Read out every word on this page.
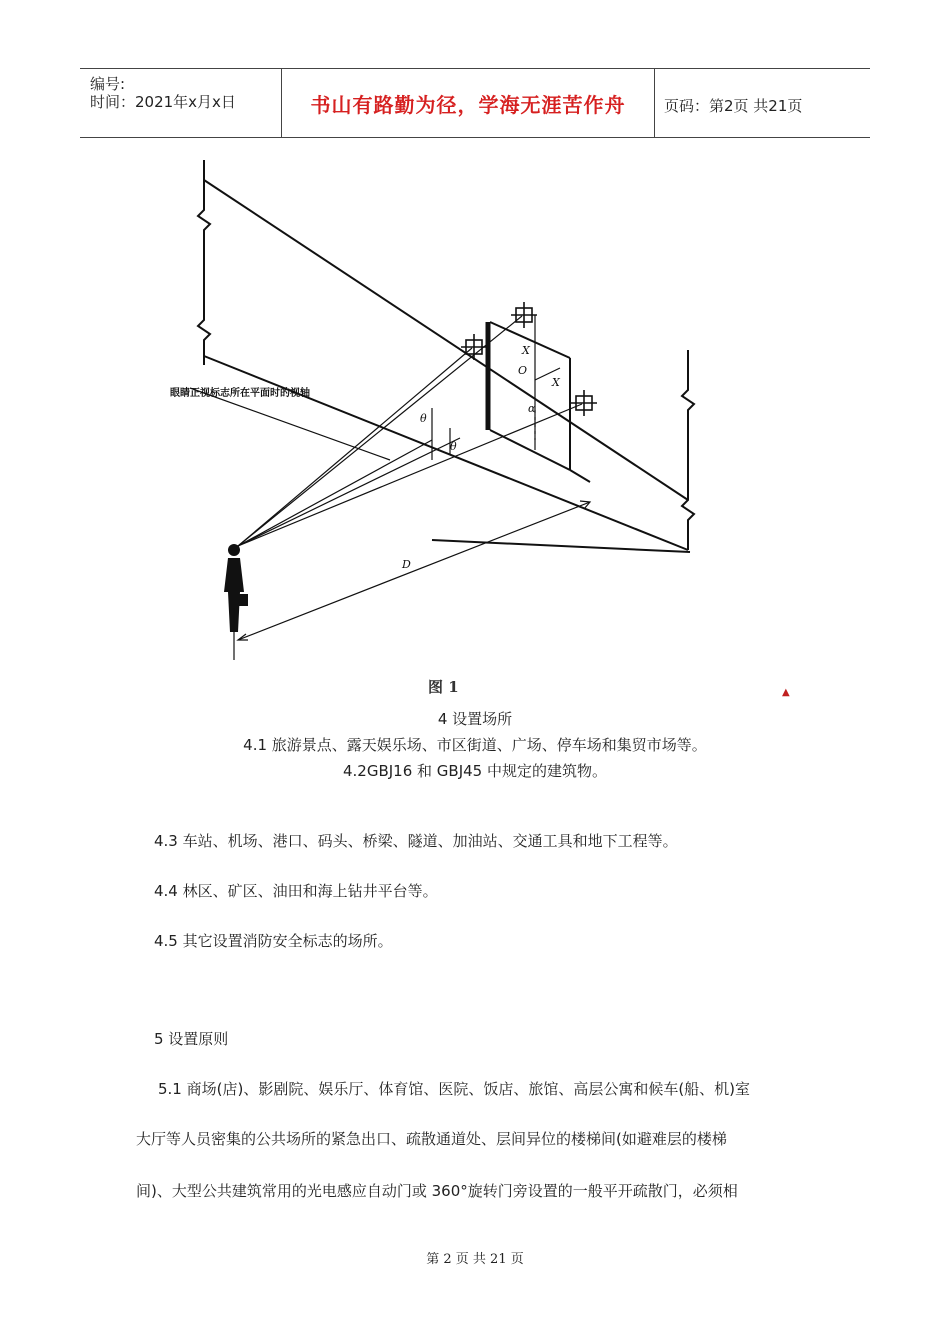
编号:
时间：2021年x月x日	书山有路勤为径，学海无涯苦作舟	页码：第2页 共21页
θ
θ
X
O
X
α
D
眼睛正视标志所在平面时的视轴
图 1	▲
4 设置场所
4.1 旅游景点、露天娱乐场、市区街道、广场、停车场和集贸市场等。
4.2GBJ16 和 GBJ45 中规定的建筑物。
4.3 车站、机场、港口、码头、桥梁、隧道、加油站、交通工具和地下工程等。
4.4 林区、矿区、油田和海上钻井平台等。
4.5 其它设置消防安全标志的场所。
5 设置原则
5.1 商场(店)、影剧院、娱乐厅、体育馆、医院、饭店、旅馆、高层公寓和候车(船、机)室
大厅等人员密集的公共场所的紧急出口、疏散通道处、层间异位的楼梯间(如避难层的楼梯
间)、大型公共建筑常用的光电感应自动门或 360°旋转门旁设置的一般平开疏散门，必须相
第 2 页 共 21 页
